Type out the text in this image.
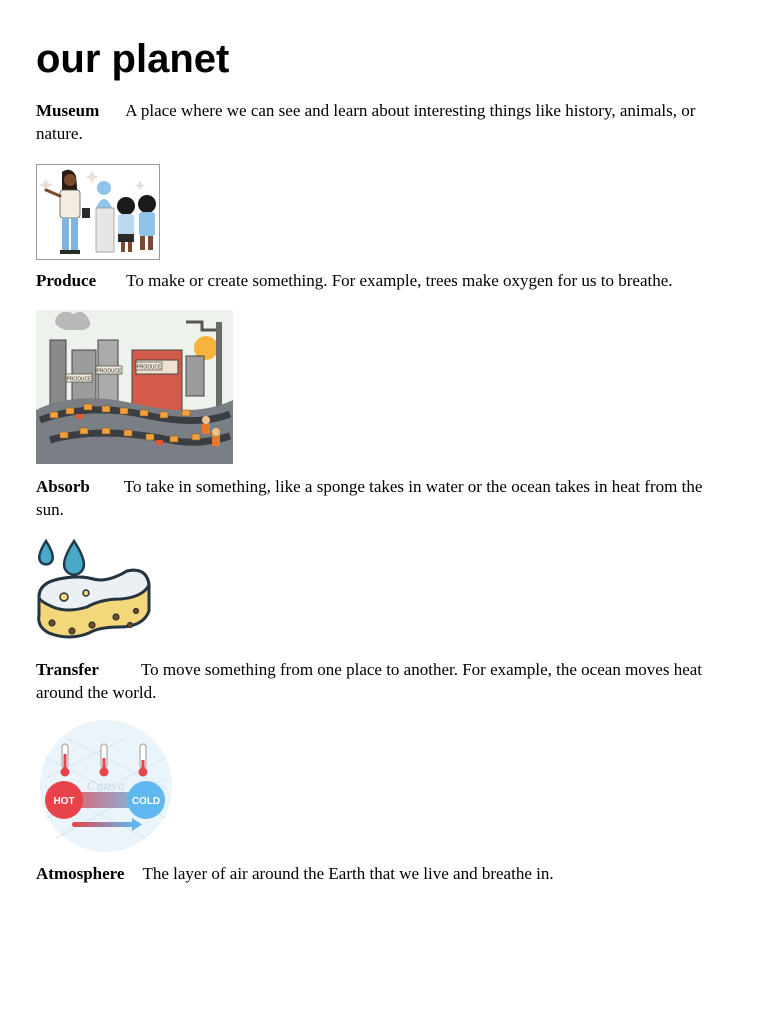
our planet

Museum A place where we can see and learn about interesting things like history, animals, or nature.

Produce To make or create something. For example, trees make oxygen for us to breathe.

PRODUCE
PRODUCE
PRODUCE

Absorb To take in something, like a sponge takes in water or the ocean takes in heat from the sun.

Transfer To move something from one place to another. For example, the ocean moves heat around the world.

HOT	COLD
Canva

Atmosphere The layer of air around the Earth that we live and breathe in.
